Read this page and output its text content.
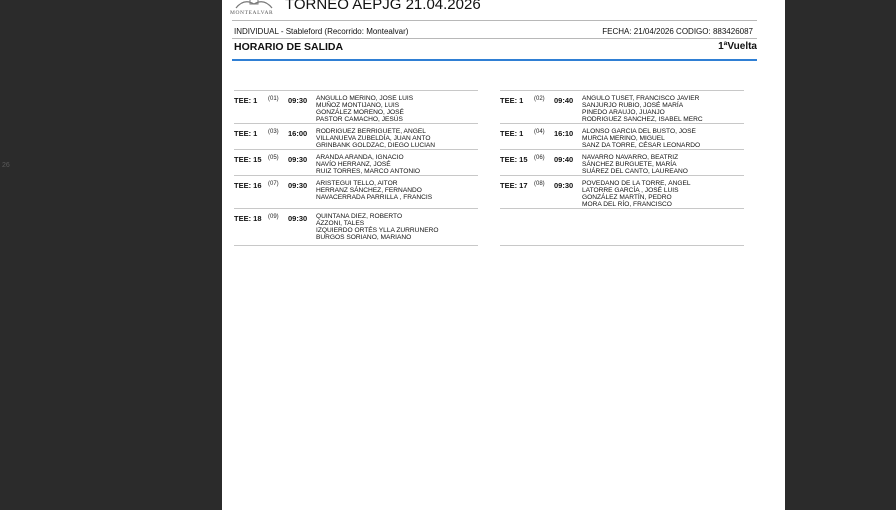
26
MONTEALVAR TORNEO AEPJG 21.04.2026
INDIVIDUAL - Stableford (Recorrido: Montealvar)	FECHA: 21/04/2026 CODIGO: 883426087
HORARIO DE SALIDA	1ªVuelta
TEE: 1 (01) 09:30 ANGULLO MERINO, JOSÉ LUIS
MUÑOZ MONTIJANO, LUIS
GONZÁLEZ MORENO, JOSÉ
PASTOR CAMACHO, JESÚS
TEE: 1 (02) 09:40 ANGULO TUSET, FRANCISCO JAVIER
SANJURJO RUBIO, JOSÉ MARÍA
PINEDO ARAUJO, JUANJO
RODRIGUEZ SANCHEZ, ISABEL MERC
TEE: 1 (03) 16:00 RODRIGUEZ BERRIGUETE, ANGEL
VILLANUEVA ZUBELDÍA, JUAN ANTO
GRINBANK GOLDZAC, DIEGO LUCIAN
TEE: 1 (04) 16:10 ALONSO GARCÍA DEL BUSTO, JOSÉ
MURCIA MERINO, MIGUEL
SANZ DA TORRE, CÉSAR LEONARDO
TEE: 15 (05) 09:30 ARANDA ARANDA, IGNACIO
NAVÍO HERRANZ, JOSÉ
RUIZ TORRES, MARCO ANTONIO
TEE: 15 (06) 09:40 NAVARRO NAVARRO, BEATRIZ
SÁNCHEZ BURGUETE, MARÍA
SUÁREZ DEL CANTO, LAUREANO
TEE: 16 (07) 09:30 ARISTEGUI TELLO, AITOR
HERRANZ SÁNCHEZ, FERNANDO
NAVACERRADA PARRILLA , FRANCIS
TEE: 17 (08) 09:30 POVEDANO DE LA TORRE, ÁNGEL
LATORRE GARCÍA , JOSÉ LUIS
GONZÁLEZ MARTÍN, PEDRO
MORA DEL RÍO, FRANCISCO
TEE: 18 (09) 09:30 QUINTANA DÍEZ, ROBERTO
AZZONI, TALES
IZQUIERDO ORTÉS YLLA ZURRUNERO
BURGOS SORIANO, MARIANO
